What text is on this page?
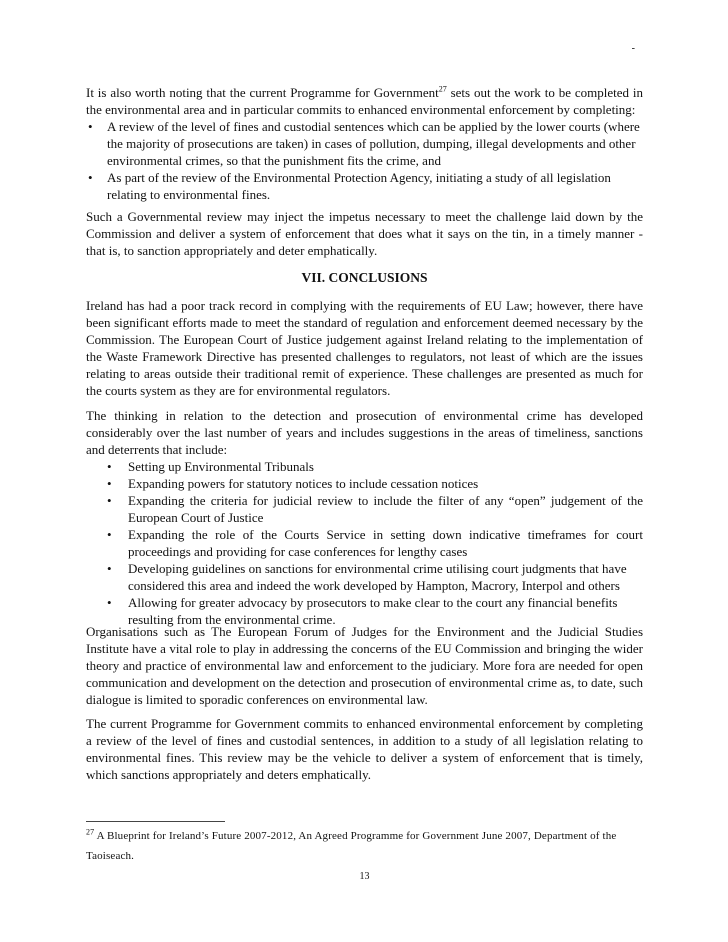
-

It is also worth noting that the current Programme for Government$^{27}$ sets out the work to be completed in the environmental area and in particular commits to enhanced environmental enforcement by completing:

• A review of the level of fines and custodial sentences which can be applied by the lower courts (where the majority of prosecutions are taken) in cases of pollution, dumping, illegal developments and other environmental crimes, so that the punishment fits the crime, and
• As part of the review of the Environmental Protection Agency, initiating a study of all legislation relating to environmental fines.

Such a Governmental review may inject the impetus necessary to meet the challenge laid down by the Commission and deliver a system of enforcement that does what it says on the tin, in a timely manner - that is, to sanction appropriately and deter emphatically.

VII. CONCLUSIONS

Ireland has had a poor track record in complying with the requirements of EU Law; however, there have been significant efforts made to meet the standard of regulation and enforcement deemed necessary by the Commission. The European Court of Justice judgement against Ireland relating to the implementation of the Waste Framework Directive has presented challenges to regulators, not least of which are the issues relating to areas outside their traditional remit of experience. These challenges are presented as much for the courts system as they are for environmental regulators.

The thinking in relation to the detection and prosecution of environmental crime has developed considerably over the last number of years and includes suggestions in the areas of timeliness, sanctions and deterrents that include:

• Setting up Environmental Tribunals
• Expanding powers for statutory notices to include cessation notices
• Expanding the criteria for judicial review to include the filter of any “open” judgement of the European Court of Justice
• Expanding the role of the Courts Service in setting down indicative timeframes for court proceedings and providing for case conferences for lengthy cases
• Developing guidelines on sanctions for environmental crime utilising court judgments that have considered this area and indeed the work developed by Hampton, Macrory, Interpol and others
• Allowing for greater advocacy by prosecutors to make clear to the court any financial benefits resulting from the environmental crime.

Organisations such as The European Forum of Judges for the Environment and the Judicial Studies Institute have a vital role to play in addressing the concerns of the EU Commission and bringing the wider theory and practice of environmental law and enforcement to the judiciary. More fora are needed for open communication and development on the detection and prosecution of environmental crime as, to date, such dialogue is limited to sporadic conferences on environmental law.

The current Programme for Government commits to enhanced environmental enforcement by completing a review of the level of fines and custodial sentences, in addition to a study of all legislation relating to environmental fines. This review may be the vehicle to deliver a system of enforcement that is timely, which sanctions appropriately and deters emphatically.

$^{27}$ A Blueprint for Ireland’s Future 2007-2012, An Agreed Programme for Government June 2007, Department of the Taoiseach.
13
